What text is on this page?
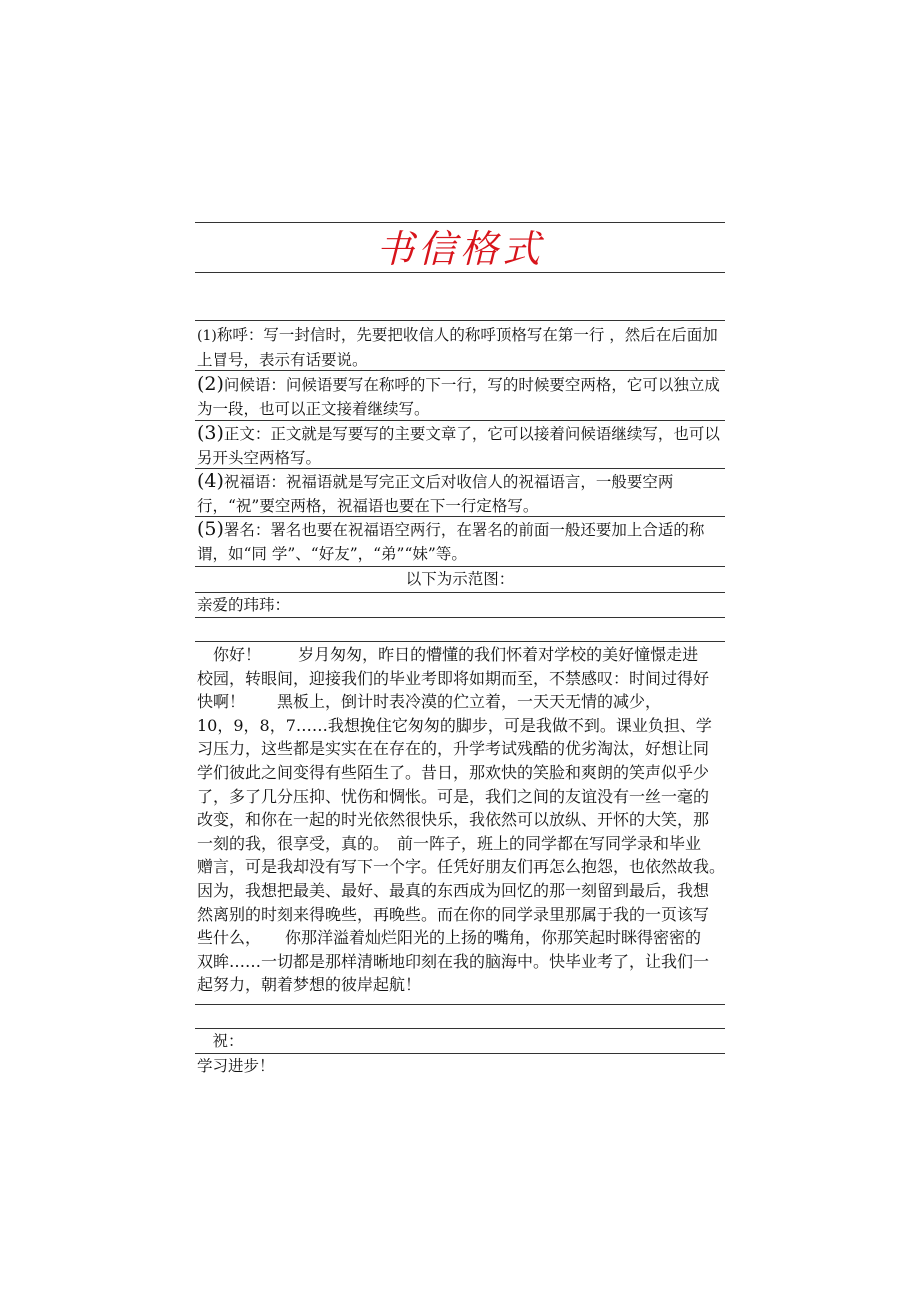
书信格式
(1)称呼：写一封信时，先要把收信人的称呼顶格写在第一行 ，然后在后面加上冒号，表示有话要说。
(2)问候语：问候语要写在称呼的下一行，写的时候要空两格，它可以独立成为一段，也可以正文接着继续写。
(3)正文：正文就是写要写的主要文章了，它可以接着问候语继续写，也可以另开头空两格写。
(4)祝福语：祝福语就是写完正文后对收信人的祝福语言，一般要空两行，“祝”要空两格，祝福语也要在下一行定格写。
(5)署名：署名也要在祝福语空两行，在署名的前面一般还要加上合适的称谓，如“同 学”、“好友”，“弟”“妹”等。
以下为示范图：
亲爱的玮玮：
　你好！　　 岁月匆匆，昨日的懵懂的我们怀着对学校的美好憧憬走进
校园，转眼间，迎接我们的毕业考即将如期而至，不禁感叹：时间过得好
快啊！　　黑板上，倒计时表冷漠的伫立着，一天天无情的减少，
10，9，8，7……我想挽住它匆匆的脚步，可是我做不到。课业负担、学
习压力，这些都是实实在在存在的，升学考试残酷的优劣淘汰，好想让同
学们彼此之间变得有些陌生了。昔日，那欢快的笑脸和爽朗的笑声似乎少
了，多了几分压抑、忧伤和惆怅。可是，我们之间的友谊没有一丝一毫的
改变，和你在一起的时光依然很快乐，我依然可以放纵、开怀的大笑，那
一刻的我，很享受，真的。　前一阵子，班上的同学都在写同学录和毕业
赠言，可是我却没有写下一个字。任凭好朋友们再怎么抱怨，也依然故我。
因为，我想把最美、最好、最真的东西成为回忆的那一刻留到最后，我想
然离别的时刻来得晚些，再晚些。而在你的同学录里那属于我的一页该写
些什么，　　你那洋溢着灿烂阳光的上扬的嘴角，你那笑起时眯得密密的
双眸……一切都是那样清晰地印刻在我的脑海中。快毕业考了，让我们一
起努力，朝着梦想的彼岸起航！
　祝：
学习进步！
